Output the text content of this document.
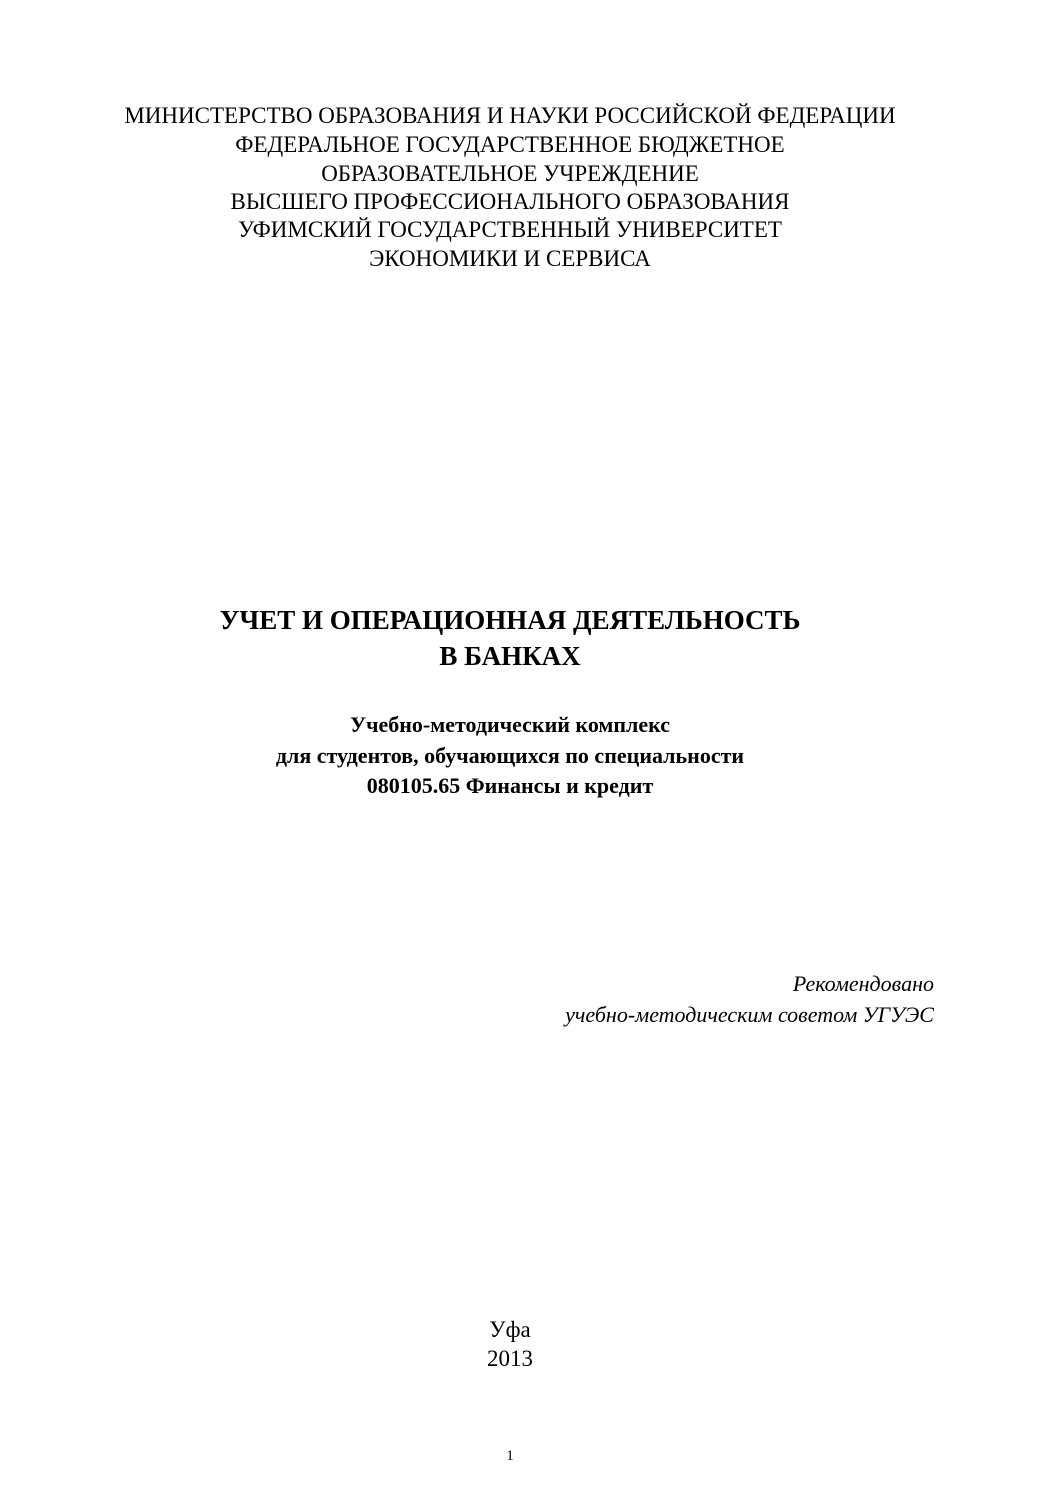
МИНИСТЕРСТВО ОБРАЗОВАНИЯ И НАУКИ РОССИЙСКОЙ ФЕДЕРАЦИИ
ФЕДЕРАЛЬНОЕ ГОСУДАРСТВЕННОЕ БЮДЖЕТНОЕ
ОБРАЗОВАТЕЛЬНОЕ УЧРЕЖДЕНИЕ
ВЫСШЕГО ПРОФЕССИОНАЛЬНОГО ОБРАЗОВАНИЯ
УФИМСКИЙ ГОСУДАРСТВЕННЫЙ УНИВЕРСИТЕТ
ЭКОНОМИКИ И СЕРВИСА
УЧЕТ И ОПЕРАЦИОННАЯ ДЕЯТЕЛЬНОСТЬ
В БАНКАХ
Учебно-методический комплекс
для студентов, обучающихся по специальности
080105.65 Финансы и кредит
Рекомендовано
учебно-методическим советом УГУЭС
Уфа
2013
1
